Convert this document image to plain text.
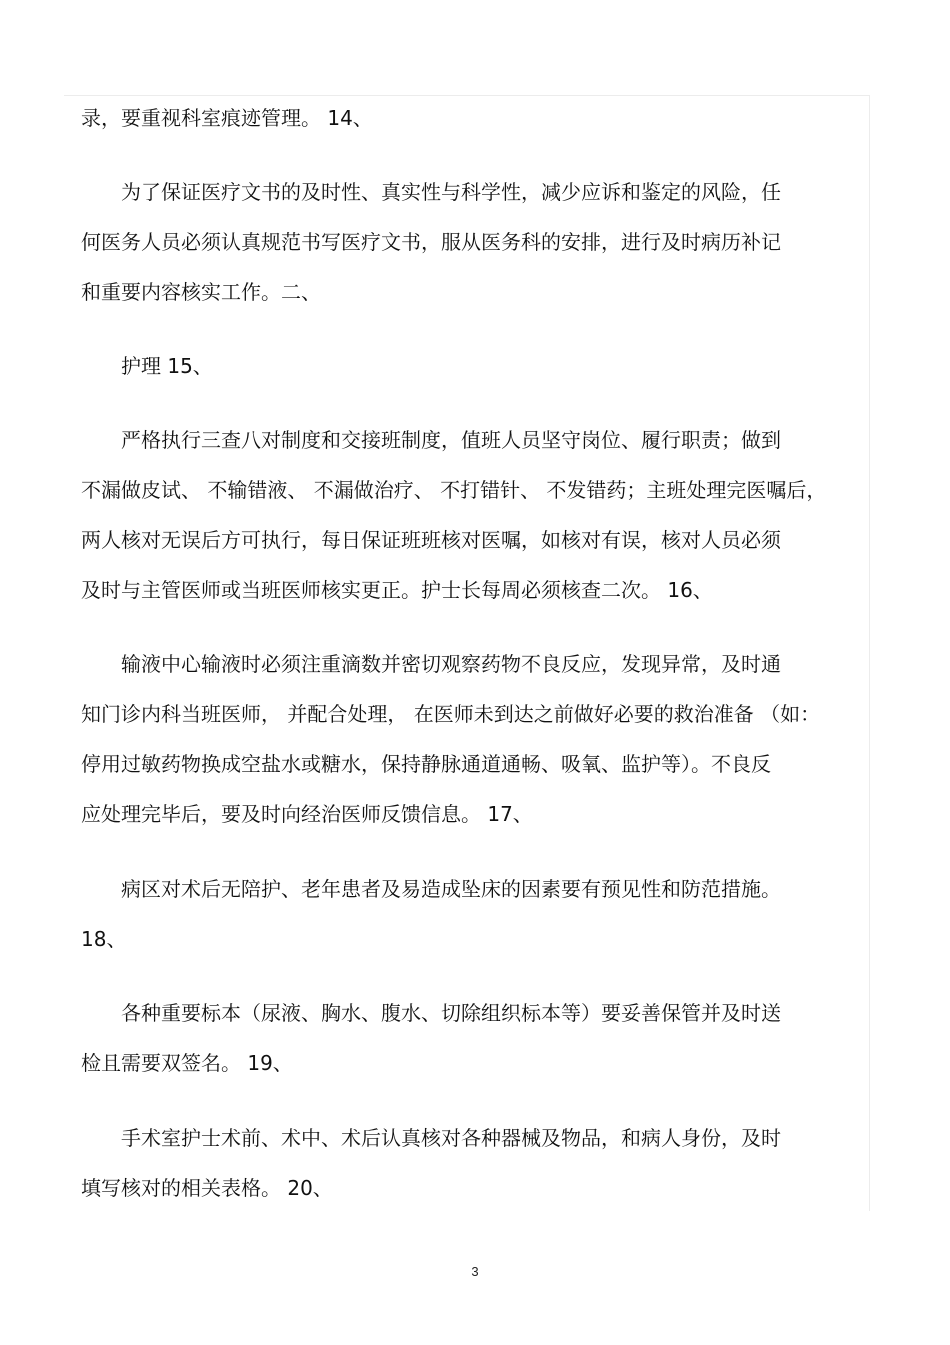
录，要重视科室痕迹管理。 14、
为了保证医疗文书的及时性、真实性与科学性，减少应诉和鉴定的风险，任
何医务人员必须认真规范书写医疗文书，服从医务科的安排，进行及时病历补记
和重要内容核实工作。二、
护理 15、
严格执行三查八对制度和交接班制度，值班人员坚守岗位、履行职责；做到
不漏做皮试、 不输错液、 不漏做治疗、 不打错针、 不发错药；主班处理完医嘱后，
两人核对无误后方可执行，每日保证班班核对医嘱，如核对有误，核对人员必须
及时与主管医师或当班医师核实更正。护士长每周必须核查二次。 16、
输液中心输液时必须注重滴数并密切观察药物不良反应，发现异常，及时通
知门诊内科当班医师， 并配合处理， 在医师未到达之前做好必要的救治准备 （如：
停用过敏药物换成空盐水或糖水，保持静脉通道通畅、吸氧、监护等）。不良反
应处理完毕后，要及时向经治医师反馈信息。 17、
病区对术后无陪护、老年患者及易造成坠床的因素要有预见性和防范措施。
18、
各种重要标本（尿液、胸水、腹水、切除组织标本等）要妥善保管并及时送
检且需要双签名。 19、
手术室护士术前、术中、术后认真核对各种器械及物品，和病人身份，及时
填写核对的相关表格。 20、
3
